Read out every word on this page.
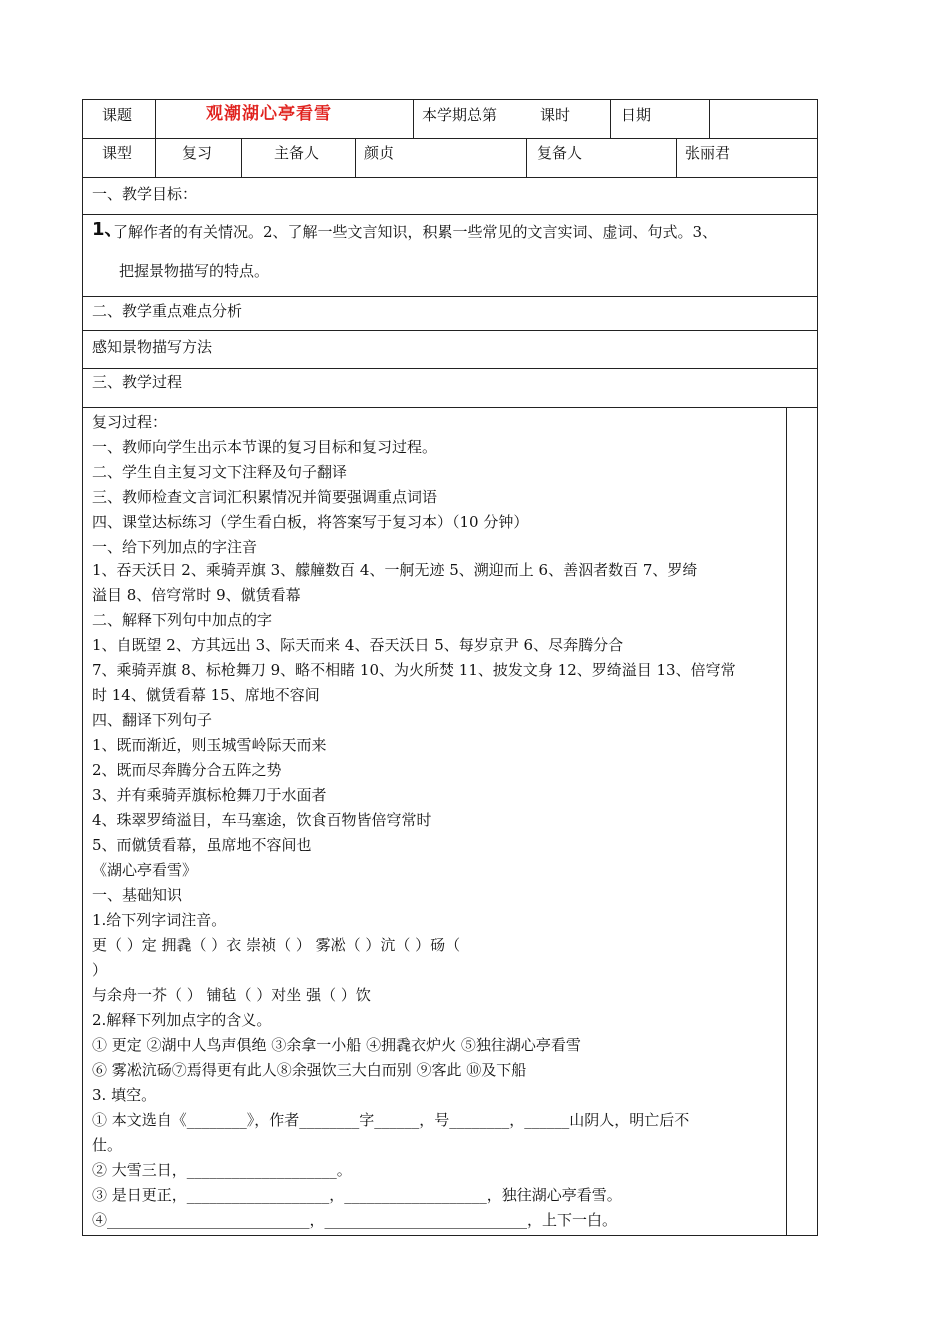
课题	观潮湖心亭看雪	本学期总第	课时	日期
课型	复习	主备人	颜贞	复备人	张丽君
一、教学目标：
1、
了解作者的有关情况。2、了解一些文言知识，积累一些常见的文言实词、虚词、句式。3、
把握景物描写的特点。
二、教学重点难点分析
感知景物描写方法
三、教学过程
复习过程：
一、教师向学生出示本节课的复习目标和复习过程。
二、学生自主复习文下注释及句子翻译
三、教师检查文言词汇积累情况并简要强调重点词语
四、课堂达标练习（学生看白板，将答案写于复习本）（10 分钟）
一、给下列加点的字注音
1、吞天沃日 2、乘骑弄旗 3、艨艟数百 4、一舸无迹 5、溯迎而上 6、善泅者数百 7、罗绮
溢目 8、倍穹常时 9、僦赁看幕
二、解释下列句中加点的字
1、自既望 2、方其远出 3、际天而来 4、吞天沃日 5、每岁京尹 6、尽奔腾分合
7、乘骑弄旗 8、标枪舞刀 9、略不相睹 10、为火所焚 11、披发文身 12、罗绮溢目 13、倍穹常
时 14、僦赁看幕 15、席地不容间
四、翻译下列句子
1、既而渐近，则玉城雪岭际天而来
2、既而尽奔腾分合五阵之势
3、并有乘骑弄旗标枪舞刀于水面者
4、珠翠罗绮溢目，车马塞途，饮食百物皆倍穹常时
5、而僦赁看幕，虽席地不容间也
《湖心亭看雪》
一、基础知识
1.给下列字词注音。
更（ ）定 拥毳（ ）衣 崇祯（ ） 雾凇（ ）沆（ ）砀（
）
与余舟一芥（ ） 铺毡（ ）对坐 强（ ）饮
2.解释下列加点字的含义。
① 更定 ②湖中人鸟声俱绝 ③余拿一小船 ④拥毳衣炉火 ⑤独往湖心亭看雪
⑥ 雾凇沆砀⑦焉得更有此人⑧余强饮三大白而别 ⑨客此 ⑩及下船
3. 填空。
① 本文选自《________》，作者________字______，号________，______山阴人，明亡后不
仕。
② 大雪三日，____________________。
③ 是日更正，___________________，___________________，独往湖心亭看雪。
④___________________________，___________________________，上下一白。
